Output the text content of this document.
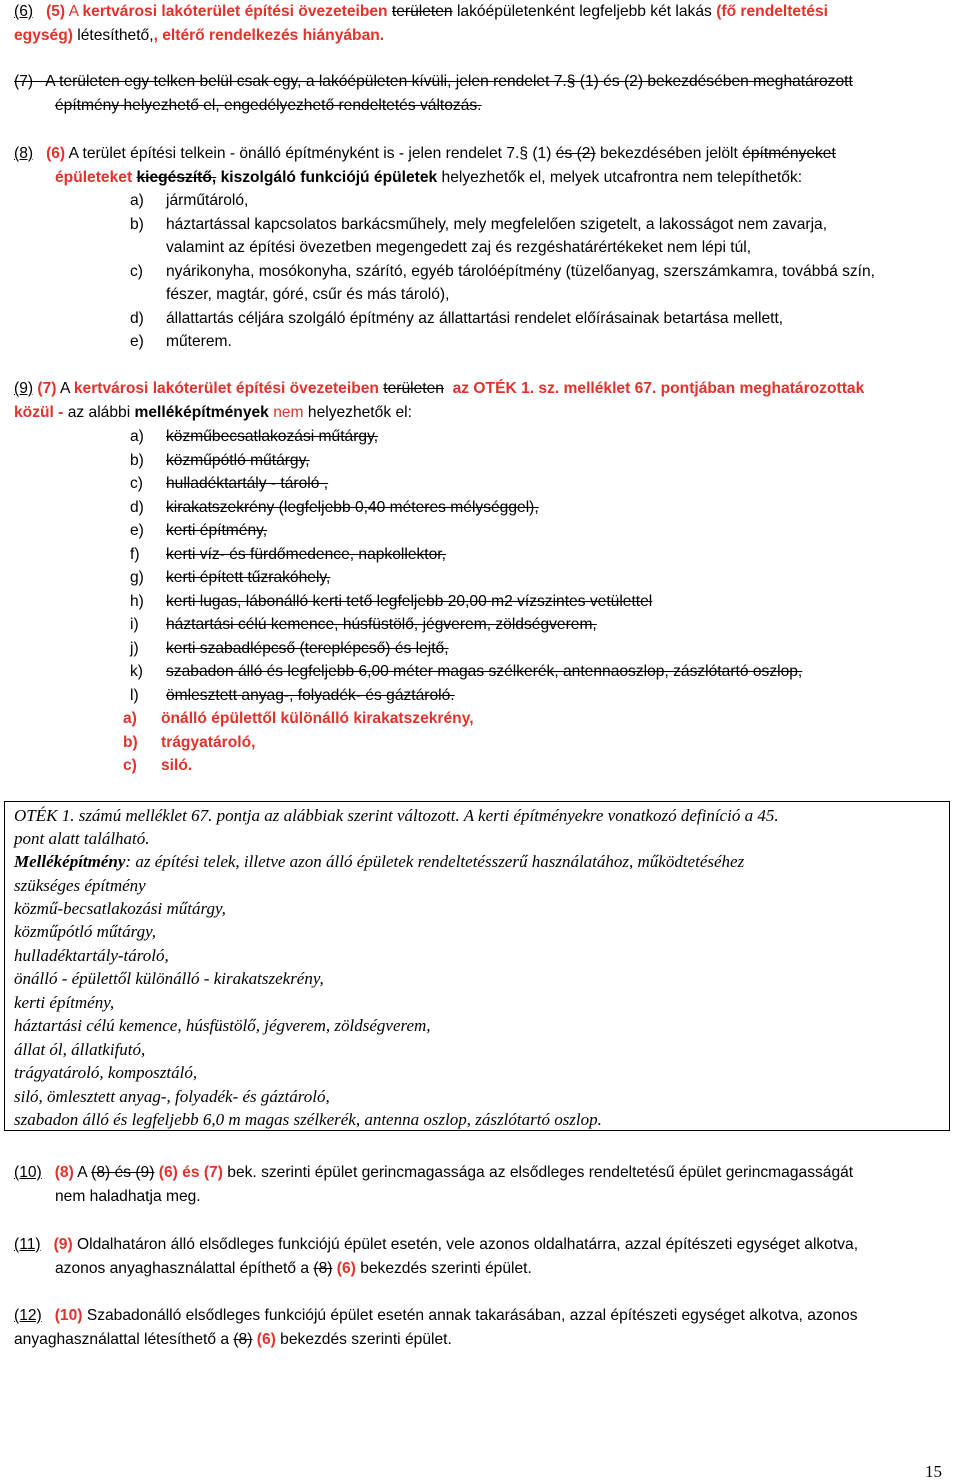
(6) (5) A kertvárosi lakóterület építési övezeteiben területen lakóépületenként legfeljebb két lakás (fő rendeltetési
egység) létesíthető,, eltérő rendelkezés hiányában.
(7)   A területen egy telken belül csak egy, a lakóépületen kívüli, jelen rendelet 7.§ (1) és (2) bekezdésében meghatározott
építmény helyezhető el, engedélyezhető rendeltetés változás.
(8) (6) A terület építési telkein - önálló építményként is - jelen rendelet 7.§ (1) és (2) bekezdésében jelölt építményeket
épületeket kiegészítő, kiszolgáló funkciójú épületek helyezhetők el, melyek utcafrontra nem telepíthetők:
a) járműtároló,
b) háztartással kapcsolatos barkácsműhely, mely megfelelően szigetelt, a lakosságot nem zavarja,
valamint az építési övezetben megengedett zaj és rezgéshatárértékeket nem lépi túl,
c) nyárikonyha, mosókonyha, szárító, egyéb tárolóépítmény (tüzelőanyag, szerszámkamra, továbbá szín,
fészer, magtár, góré, csűr és más tároló),
d) állattartás céljára szolgáló építmény az állattartási rendelet előírásainak betartása mellett,
e) műterem.
(9) (7) A kertvárosi lakóterület építési övezeteiben területen az OTÉK 1. sz. melléklet 67. pontjában meghatározottak
közül - az alábbi melléképítmények nem helyezhetők el:
a) közműbecsatlakozási műtárgy,
b) közműpótló műtárgy,
c) hulladéktartály - tároló ,
d) kirakatszekrény (legfeljebb 0,40 méteres mélységgel),
e) kerti építmény,
f) kerti víz- és fürdőmedence, napkollektor,
g) kerti épített tűzrakóhely,
h) kerti lugas, lábonálló kerti tető legfeljebb 20,00 m2 vízszintes vetülettel
i) háztartási célú kemence, húsfüstölő, jégverem, zöldségverem,
j) kerti szabadlépcső (tereplépcső) és lejtő,
k) szabadon álló és legfeljebb 6,00 méter magas szélkerék, antennaoszlop, zászlótartó oszlop,
l) ömlesztett anyag-, folyadék- és gáztároló.
a) önálló épülettől különálló kirakatszekrény,
b) trágyatároló,
c) siló.
OTÉK 1. számú melléklet 67. pontja az alábbiak szerint változott. A kerti építményekre vonatkozó definíció a 45.
pont alatt található.
Melléképítmény: az építési telek, illetve azon álló épületek rendeltetésszerű használatához, működtetéséhez
szükséges építmény
közmű-becsatlakozási műtárgy,
közműpótló műtárgy,
hulladéktartály-tároló,
önálló - épülettől különálló - kirakatszekrény,
kerti építmény,
háztartási célú kemence, húsfüstölő, jégverem, zöldségverem,
állat ól, állatkifutó,
trágyatároló, komposztáló,
siló, ömlesztett anyag-, folyadék- és gáztároló,
szabadon álló és legfeljebb 6,0 m magas szélkerék, antenna oszlop, zászlótartó oszlop.
(10) (8) A (8) és (9) (6) és (7) bek. szerinti épület gerincmagassága az elsődleges rendeltetésű épület gerincmagasságát
nem haladhatja meg.
(11) (9) Oldalhatáron álló elsődleges funkciójú épület esetén, vele azonos oldalhatárra, azzal építészeti egységet alkotva,
azonos anyaghasználattal építhető a (8) (6) bekezdés szerinti épület.
(12) (10) Szabadonálló elsődleges funkciójú épület esetén annak takarásában, azzal építészeti egységet alkotva, azonos
anyaghasználattal létesíthető a (8) (6) bekezdés szerinti épület.
15
